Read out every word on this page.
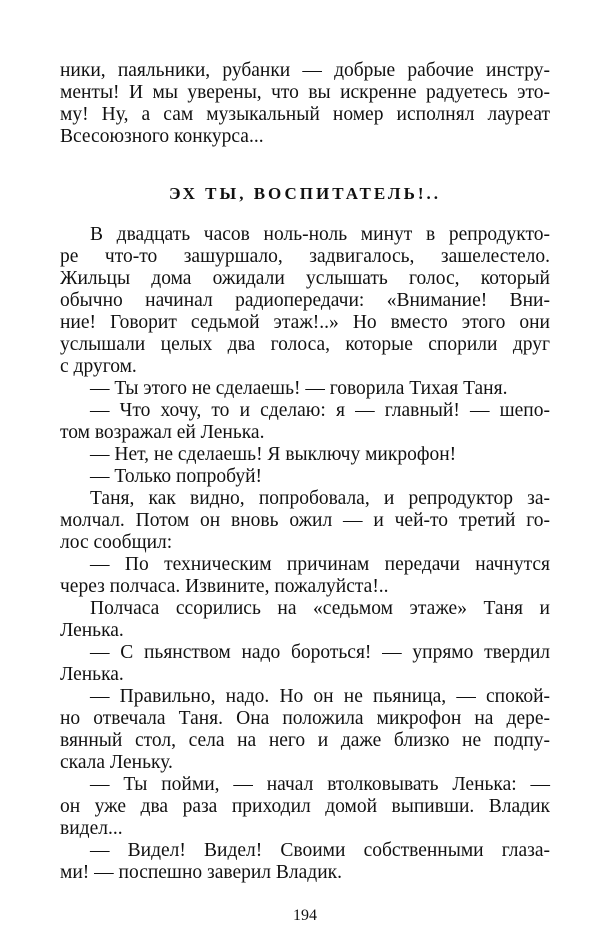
ники, паяльники, рубанки — добрые рабочие инстру-
менты! И мы уверены, что вы искренне радуетесь это-
му! Ну, а сам музыкальный номер исполнял лауреат
Всесоюзного конкурса...
ЭХ ТЫ, ВОСПИТАТЕЛЬ!..
В двадцать часов ноль-ноль минут в репродукто-
ре что-то зашуршало, задвигалось, зашелестело.
Жильцы дома ожидали услышать голос, который
обычно начинал радиопередачи: «Внимание! Вни-
ние! Говорит седьмой этаж!..» Но вместо этого они
услышали целых два голоса, которые спорили друг
с другом.
— Ты этого не сделаешь! — говорила Тихая Таня.
— Что хочу, то и сделаю: я — главный! — шепо-
том возражал ей Ленька.
— Нет, не сделаешь! Я выключу микрофон!
— Только попробуй!
Таня, как видно, попробовала, и репродуктор за-
молчал. Потом он вновь ожил — и чей-то третий го-
лос сообщил:
— По техническим причинам передачи начнутся
через полчаса. Извините, пожалуйста!..
Полчаса ссорились на «седьмом этаже» Таня и
Ленька.
— С пьянством надо бороться! — упрямо твердил
Ленька.
— Правильно, надо. Но он не пьяница, — спокой-
но отвечала Таня. Она положила микрофон на дере-
вянный стол, села на него и даже близко не подпу-
скала Леньку.
— Ты пойми, — начал втолковывать Ленька: —
он уже два раза приходил домой выпивши. Владик
видел...
— Видел! Видел! Своими собственными глаза-
ми! — поспешно заверил Владик.
194
